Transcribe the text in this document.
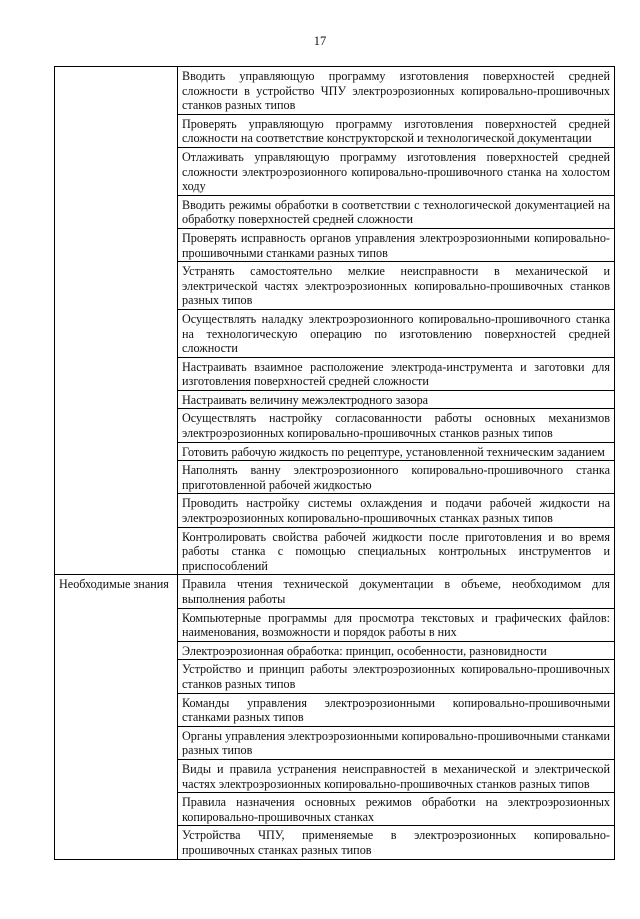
17
	Вводить управляющую программу изготовления поверхностей средней сложности в устройство ЧПУ электроэрозионных копировально-прошивочных станков разных типов
	Проверять управляющую программу изготовления поверхностей средней сложности на соответствие конструкторской и технологической документации
	Отлаживать управляющую программу изготовления поверхностей средней сложности электроэрозионного копировально-прошивочного станка на холостом ходу
	Вводить режимы обработки в соответствии с технологической документацией на обработку поверхностей средней сложности
	Проверять исправность органов управления электроэрозионными копировально-прошивочными станками разных типов
	Устранять самостоятельно мелкие неисправности в механической и электрической частях электроэрозионных копировально-прошивочных станков разных типов
	Осуществлять наладку электроэрозионного копировально-прошивочного станка на технологическую операцию по изготовлению поверхностей средней сложности
	Настраивать взаимное расположение электрода-инструмента и заготовки для изготовления поверхностей средней сложности
	Настраивать величину межэлектродного зазора
	Осуществлять настройку согласованности работы основных механизмов электроэрозионных копировально-прошивочных станков разных типов
	Готовить рабочую жидкость по рецептуре, установленной техническим заданием
	Наполнять ванну электроэрозионного копировально-прошивочного станка приготовленной рабочей жидкостью
	Проводить настройку системы охлаждения и подачи рабочей жидкости на электроэрозионных копировально-прошивочных станках разных типов
	Контролировать свойства рабочей жидкости после приготовления и во время работы станка с помощью специальных контрольных инструментов и приспособлений
Необходимые знания	Правила чтения технической документации в объеме, необходимом для выполнения работы
	Компьютерные программы для просмотра текстовых и графических файлов: наименования, возможности и порядок работы в них
	Электроэрозионная обработка: принцип, особенности, разновидности
	Устройство и принцип работы электроэрозионных копировально-прошивочных станков разных типов
	Команды управления электроэрозионными копировально-прошивочными станками разных типов
	Органы управления электроэрозионными копировально-прошивочными станками разных типов
	Виды и правила устранения неисправностей в механической и электрической частях электроэрозионных копировально-прошивочных станков разных типов
	Правила назначения основных режимов обработки на электроэрозионных копировально-прошивочных станках
	Устройства ЧПУ, применяемые в электроэрозионных копировально-прошивочных станках разных типов
